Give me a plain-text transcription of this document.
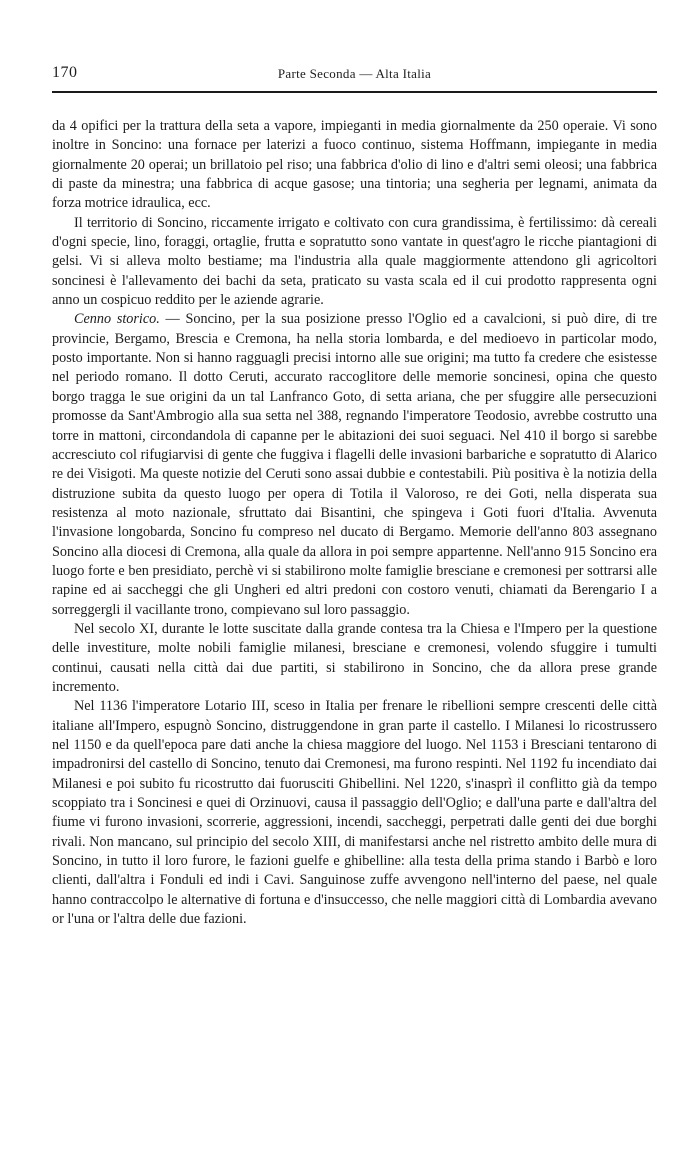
170	Parte Seconda — Alta Italia

da 4 opifici per la trattura della seta a vapore, impieganti in media giornalmente da 250 operaie. Vi sono inoltre in Soncino: una fornace per laterizi a fuoco continuo, sistema Hoffmann, impiegante in media giornalmente 20 operai; un brillatoio pel riso; una fabbrica d'olio di lino e d'altri semi oleosi; una fabbrica di paste da minestra; una fabbrica di acque gasose; una tintoria; una segheria per legnami, animata da forza motrice idraulica, ecc.

Il territorio di Soncino, riccamente irrigato e coltivato con cura grandissima, è fertilissimo: dà cereali d'ogni specie, lino, foraggi, ortaglie, frutta e sopratutto sono vantate in quest'agro le ricche piantagioni di gelsi. Vi si alleva molto bestiame; ma l'industria alla quale maggiormente attendono gli agricoltori soncinesi è l'allevamento dei bachi da seta, praticato su vasta scala ed il cui prodotto rappresenta ogni anno un cospicuo reddito per le aziende agrarie.

Cenno storico. — Soncino, per la sua posizione presso l'Oglio ed a cavalcioni, si può dire, di tre provincie, Bergamo, Brescia e Cremona, ha nella storia lombarda, e del medioevo in particolar modo, posto importante. Non si hanno ragguagli precisi intorno alle sue origini; ma tutto fa credere che esistesse nel periodo romano. Il dotto Ceruti, accurato raccoglitore delle memorie soncinesi, opina che questo borgo tragga le sue origini da un tal Lanfranco Goto, di setta ariana, che per sfuggire alle persecuzioni promosse da Sant'Ambrogio alla sua setta nel 388, regnando l'imperatore Teodosio, avrebbe costrutto una torre in mattoni, circondandola di capanne per le abitazioni dei suoi seguaci. Nel 410 il borgo si sarebbe accresciuto col rifugiarvisi di gente che fuggiva i flagelli delle invasioni barbariche e sopratutto di Alarico re dei Visigoti. Ma queste notizie del Ceruti sono assai dubbie e contestabili. Più positiva è la notizia della distruzione subita da questo luogo per opera di Totila il Valoroso, re dei Goti, nella disperata sua resistenza al moto nazionale, sfruttato dai Bisantini, che spingeva i Goti fuori d'Italia. Avvenuta l'invasione longobarda, Soncino fu compreso nel ducato di Bergamo. Memorie dell'anno 803 assegnano Soncino alla diocesi di Cremona, alla quale da allora in poi sempre appartenne. Nell'anno 915 Soncino era luogo forte e ben presidiato, perchè vi si stabilirono molte famiglie bresciane e cremonesi per sottrarsi alle rapine ed ai saccheggi che gli Ungheri ed altri predoni con costoro venuti, chiamati da Berengario I a sorreggergli il vacillante trono, compievano sul loro passaggio.

Nel secolo XI, durante le lotte suscitate dalla grande contesa tra la Chiesa e l'Impero per la questione delle investiture, molte nobili famiglie milanesi, bresciane e cremonesi, volendo sfuggire i tumulti continui, causati nella città dai due partiti, si stabilirono in Soncino, che da allora prese grande incremento.

Nel 1136 l'imperatore Lotario III, sceso in Italia per frenare le ribellioni sempre crescenti delle città italiane all'Impero, espugnò Soncino, distruggendone in gran parte il castello. I Milanesi lo ricostrussero nel 1150 e da quell'epoca pare dati anche la chiesa maggiore del luogo. Nel 1153 i Bresciani tentarono di impadronirsi del castello di Soncino, tenuto dai Cremonesi, ma furono respinti. Nel 1192 fu incendiato dai Milanesi e poi subito fu ricostrutto dai fuorusciti Ghibellini. Nel 1220, s'inasprì il conflitto già da tempo scoppiato tra i Soncinesi e quei di Orzinuovi, causa il passaggio dell'Oglio; e dall'una parte e dall'altra del fiume vi furono invasioni, scorrerie, aggressioni, incendi, saccheggi, perpetrati dalle genti dei due borghi rivali. Non mancano, sul principio del secolo XIII, di manifestarsi anche nel ristretto ambito delle mura di Soncino, in tutto il loro furore, le fazioni guelfe e ghibelline: alla testa della prima stando i Barbò e loro clienti, dall'altra i Fonduli ed indi i Cavi. Sanguinose zuffe avvengono nell'interno del paese, nel quale hanno contraccolpo le alternative di fortuna e d'insuccesso, che nelle maggiori città di Lombardia avevano or l'una or l'altra delle due fazioni.
